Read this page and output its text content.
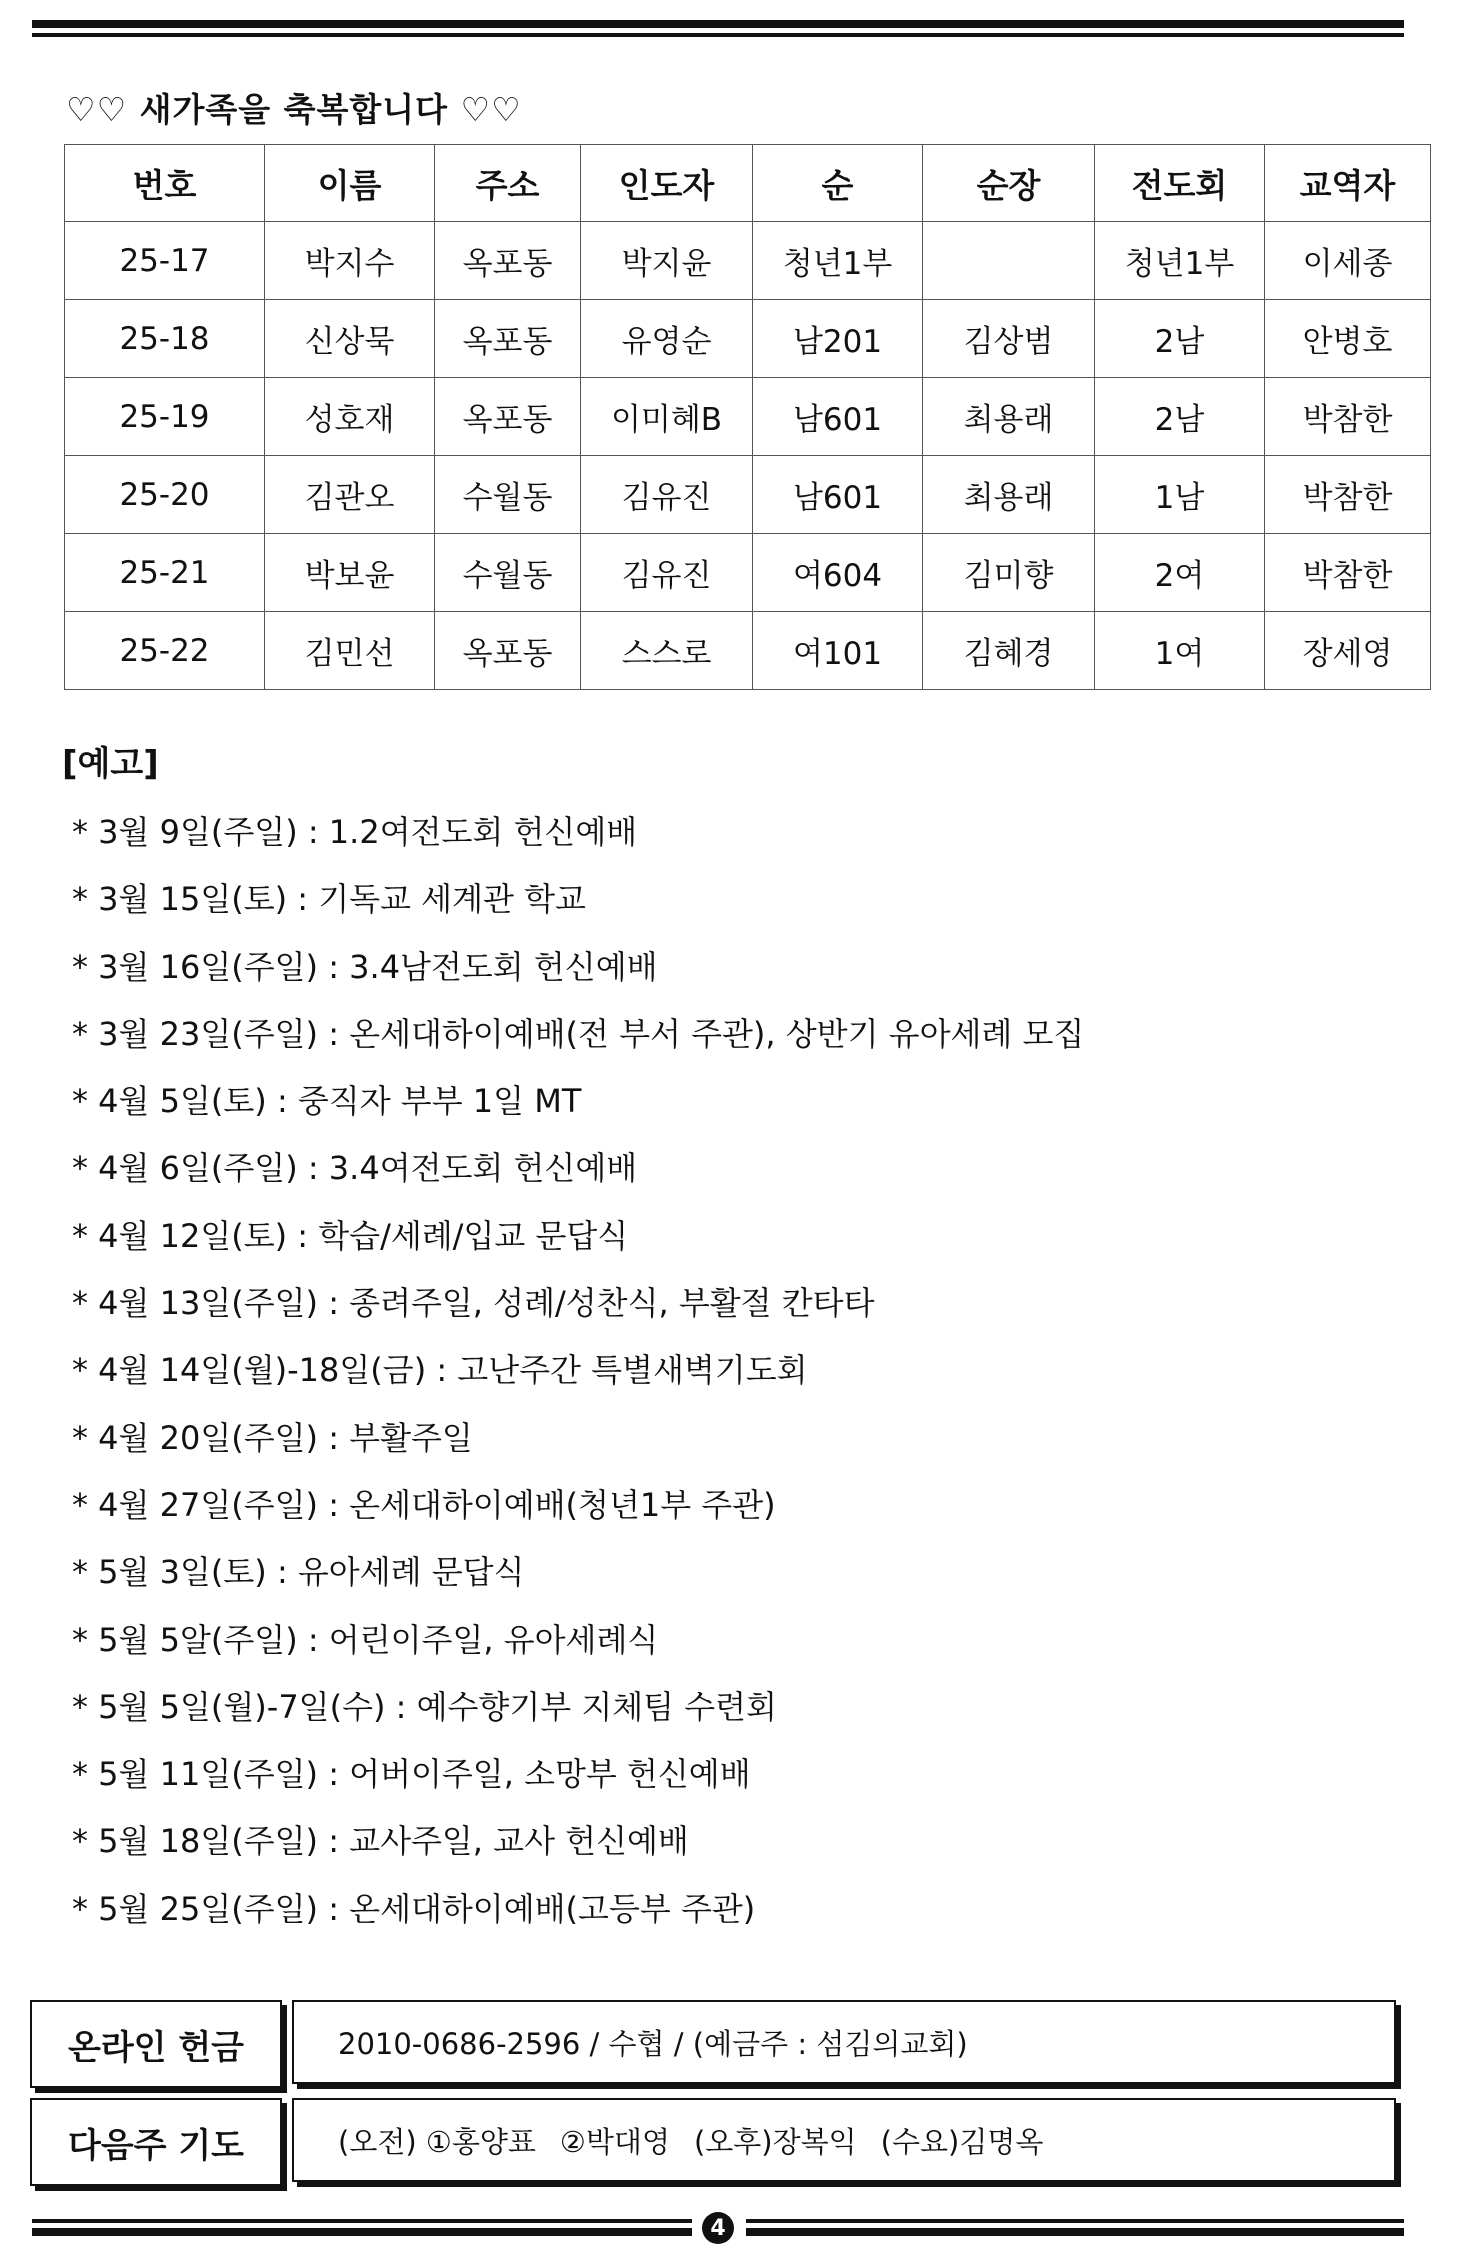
♡♡ 새가족을 축복합니다 ♡♡
번호	이름	주소	인도자	순	순장	전도회	교역자
25-17	박지수	옥포동	박지윤	청년1부		청년1부	이세종
25-18	신상묵	옥포동	유영순	남201	김상범	2남	안병호
25-19	성호재	옥포동	이미혜B	남601	최용래	2남	박참한
25-20	김관오	수월동	김유진	남601	최용래	1남	박참한
25-21	박보윤	수월동	김유진	여604	김미향	2여	박참한
25-22	김민선	옥포동	스스로	여101	김혜경	1여	장세영
[예고]
* 3월 9일(주일) : 1.2여전도회 헌신예배
* 3월 15일(토) : 기독교 세계관 학교
* 3월 16일(주일) : 3.4남전도회 헌신예배
* 3월 23일(주일) : 온세대하이예배(전 부서 주관), 상반기 유아세례 모집
* 4월 5일(토) : 중직자 부부 1일 MT
* 4월 6일(주일) : 3.4여전도회 헌신예배
* 4월 12일(토) : 학습/세례/입교 문답식
* 4월 13일(주일) : 종려주일, 성례/성찬식, 부활절 칸타타
* 4월 14일(월)-18일(금) : 고난주간 특별새벽기도회
* 4월 20일(주일) : 부활주일
* 4월 27일(주일) : 온세대하이예배(청년1부 주관)
* 5월 3일(토) : 유아세례 문답식
* 5월 5알(주일) : 어린이주일, 유아세례식
* 5월 5일(월)-7일(수) : 예수향기부 지체팀 수련회
* 5월 11일(주일) : 어버이주일, 소망부 헌신예배
* 5월 18일(주일) : 교사주일, 교사 헌신예배
* 5월 25일(주일) : 온세대하이예배(고등부 주관)
온라인 헌금	2010-0686-2596 / 수협 / (예금주 : 섬김의교회)
다음주 기도	(오전) ①홍양표 ②박대영 (오후)장복익 (수요)김명옥
4
